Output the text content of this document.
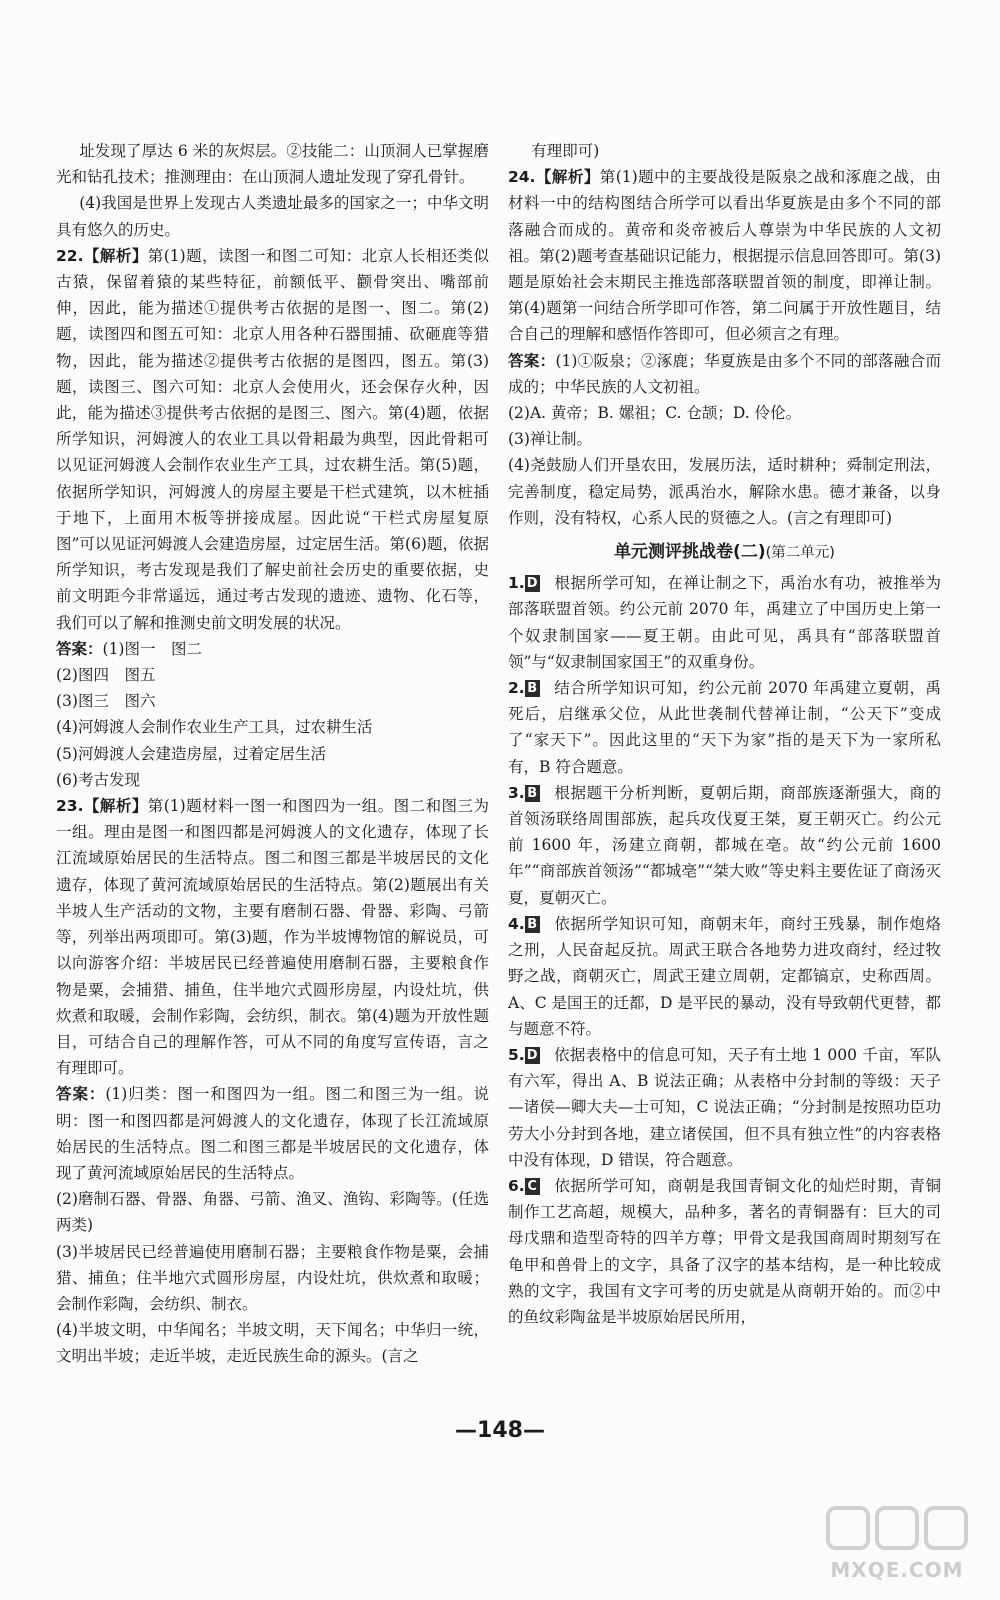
址发现了厚达 6 米的灰烬层。②技能二：山顶洞人已掌握磨光和钻孔技术；推测理由：在山顶洞人遗址发现了穿孔骨针。

(4)我国是世界上发现古人类遗址最多的国家之一；中华文明具有悠久的历史。

22.【解析】第(1)题，读图一和图二可知：北京人长相还类似古猿，保留着猿的某些特征，前额低平、颧骨突出、嘴部前伸，因此，能为描述①提供考古依据的是图一、图二。第(2)题，读图四和图五可知：北京人用各种石器围捕、砍砸鹿等猎物，因此，能为描述②提供考古依据的是图四，图五。第(3)题，读图三、图六可知：北京人会使用火，还会保存火种，因此，能为描述③提供考古依据的是图三、图六。第(4)题，依据所学知识，河姆渡人的农业工具以骨耜最为典型，因此骨耜可以见证河姆渡人会制作农业生产工具，过农耕生活。第(5)题，依据所学知识，河姆渡人的房屋主要是干栏式建筑，以木桩插于地下，上面用木板等拼接成屋。因此说“干栏式房屋复原图”可以见证河姆渡人会建造房屋，过定居生活。第(6)题，依据所学知识，考古发现是我们了解史前社会历史的重要依据，史前文明距今非常遥远，通过考古发现的遗迹、遗物、化石等，我们可以了解和推测史前文明发展的状况。

答案：(1)图一　图二

(2)图四　图五

(3)图三　图六

(4)河姆渡人会制作农业生产工具，过农耕生活

(5)河姆渡人会建造房屋，过着定居生活

(6)考古发现

23.【解析】第(1)题材料一图一和图四为一组。图二和图三为一组。理由是图一和图四都是河姆渡人的文化遗存，体现了长江流域原始居民的生活特点。图二和图三都是半坡居民的文化遗存，体现了黄河流域原始居民的生活特点。第(2)题展出有关半坡人生产活动的文物，主要有磨制石器、骨器、彩陶、弓箭等，列举出两项即可。第(3)题，作为半坡博物馆的解说员，可以向游客介绍：半坡居民已经普遍使用磨制石器，主要粮食作物是粟，会捕猎、捕鱼，住半地穴式圆形房屋，内设灶坑，供炊煮和取暖，会制作彩陶，会纺织，制衣。第(4)题为开放性题目，可结合自己的理解作答，可从不同的角度写宣传语，言之有理即可。

答案：(1)归类：图一和图四为一组。图二和图三为一组。说明：图一和图四都是河姆渡人的文化遗存，体现了长江流域原始居民的生活特点。图二和图三都是半坡居民的文化遗存，体现了黄河流域原始居民的生活特点。

(2)磨制石器、骨器、角器、弓箭、渔叉、渔钩、彩陶等。(任选两类)

(3)半坡居民已经普遍使用磨制石器；主要粮食作物是粟，会捕猎、捕鱼；住半地穴式圆形房屋，内设灶坑，供炊煮和取暖；会制作彩陶，会纺织、制衣。

(4)半坡文明，中华闻名；半坡文明，天下闻名；中华归一统，文明出半坡；走近半坡，走近民族生命的源头。(言之

有理即可)

24.【解析】第(1)题中的主要战役是阪泉之战和涿鹿之战，由材料一中的结构图结合所学可以看出华夏族是由多个不同的部落融合而成的。黄帝和炎帝被后人尊崇为中华民族的人文初祖。第(2)题考查基础识记能力，根据提示信息回答即可。第(3)题是原始社会末期民主推选部落联盟首领的制度，即禅让制。第(4)题第一问结合所学即可作答，第二问属于开放性题目，结合自己的理解和感悟作答即可，但必须言之有理。

答案：(1)①阪泉；②涿鹿；华夏族是由多个不同的部落融合而成的；中华民族的人文初祖。

(2)A. 黄帝；B. 嫘祖；C. 仓颉；D. 伶伦。

(3)禅让制。

(4)尧鼓励人们开垦农田，发展历法，适时耕种；舜制定刑法，完善制度，稳定局势，派禹治水，解除水患。德才兼备，以身作则，没有特权，心系人民的贤德之人。(言之有理即可)

单元测评挑战卷(二)(第二单元)

1. D 根据所学可知，在禅让制之下，禹治水有功，被推举为部落联盟首领。约公元前 2070 年，禹建立了中国历史上第一个奴隶制国家——夏王朝。由此可见，禹具有“部落联盟首领”与“奴隶制国家国王”的双重身份。

2. B 结合所学知识可知，约公元前 2070 年禹建立夏朝，禹死后，启继承父位，从此世袭制代替禅让制，“公天下”变成了“家天下”。因此这里的“天下为家”指的是天下为一家所私有，B 符合题意。

3. B 根据题干分析判断，夏朝后期，商部族逐渐强大，商的首领汤联络周围部族，起兵攻伐夏王桀，夏王朝灭亡。约公元前 1600 年，汤建立商朝，都城在亳。故“约公元前 1600 年”“商部族首领汤”“都城亳”“桀大败”等史料主要佐证了商汤灭夏，夏朝灭亡。

4. B 依据所学知识可知，商朝末年，商纣王残暴，制作炮烙之刑，人民奋起反抗。周武王联合各地势力进攻商纣，经过牧野之战，商朝灭亡，周武王建立周朝，定都镐京，史称西周。A、C 是国王的迁都，D 是平民的暴动，没有导致朝代更替，都与题意不符。

5. D 依据表格中的信息可知，天子有土地 1 000 千亩，军队有六军，得出 A、B 说法正确；从表格中分封制的等级：天子—诸侯—卿大夫—士可知，C 说法正确；“分封制是按照功臣功劳大小分封到各地，建立诸侯国，但不具有独立性”的内容表格中没有体现，D 错误，符合题意。

6. C 依据所学可知，商朝是我国青铜文化的灿烂时期，青铜制作工艺高超，规模大，品种多，著名的青铜器有：巨大的司母戊鼎和造型奇特的四羊方尊；甲骨文是我国商周时期刻写在龟甲和兽骨上的文字，具备了汉字的基本结构，是一种比较成熟的文字，我国有文字可考的历史就是从商朝开始的。而②中的鱼纹彩陶盆是半坡原始居民所用，

—148—
MXQE.COM
